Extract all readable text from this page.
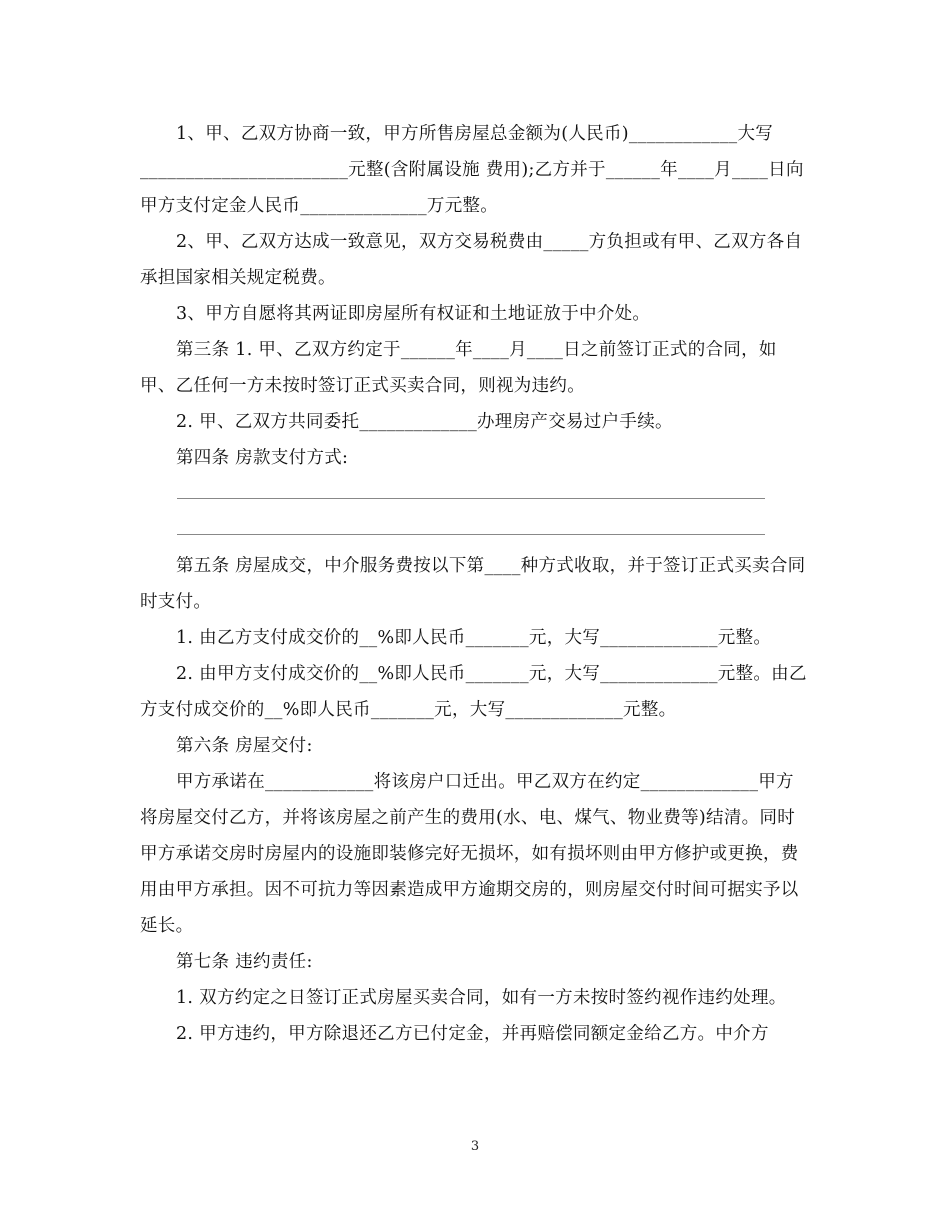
1、甲、乙双方协商一致，甲方所售房屋总金额为(人民币)____________大写_______________________元整(含附属设施 费用);乙方并于______年____月____日向甲方支付定金人民币______________万元整。

2、甲、乙双方达成一致意见，双方交易税费由_____方负担或有甲、乙双方各自承担国家相关规定税费。

3、甲方自愿将其两证即房屋所有权证和土地证放于中介处。

第三条 1. 甲、乙双方约定于______年____月____日之前签订正式的合同，如甲、乙任何一方未按时签订正式买卖合同，则视为违约。

2. 甲、乙双方共同委托_____________办理房产交易过户手续。

第四条 房款支付方式:

第五条 房屋成交，中介服务费按以下第____种方式收取，并于签订正式买卖合同时支付。

1. 由乙方支付成交价的__%即人民币_______元，大写_____________元整。

2. 由甲方支付成交价的__%即人民币_______元，大写_____________元整。由乙方支付成交价的__%即人民币_______元，大写_____________元整。

第六条 房屋交付:

甲方承诺在____________将该房户口迁出。甲乙双方在约定_____________甲方将房屋交付乙方，并将该房屋之前产生的费用(水、电、煤气、物业费等)结清。同时甲方承诺交房时房屋内的设施即装修完好无损坏，如有损坏则由甲方修护或更换，费用由甲方承担。因不可抗力等因素造成甲方逾期交房的，则房屋交付时间可据实予以延长。

第七条 违约责任:

1. 双方约定之日签订正式房屋买卖合同，如有一方未按时签约视作违约处理。

2. 甲方违约，甲方除退还乙方已付定金，并再赔偿同额定金给乙方。中介方

3
